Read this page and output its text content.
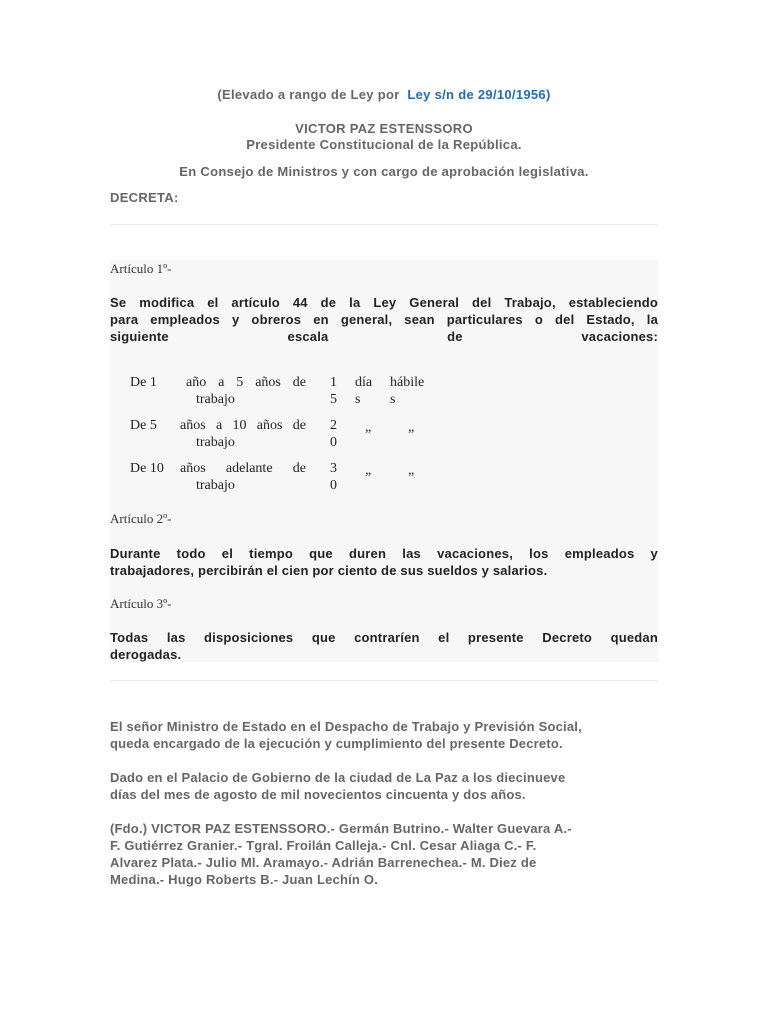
(Elevado a rango de Ley por Ley s/n de 29/10/1956)
VICTOR PAZ ESTENSSORO
Presidente Constitucional de la República.
En Consejo de Ministros y con cargo de aprobación legislativa.
DECRETA:
Artículo 1º-
Se modifica el artículo 44 de la Ley General del Trabajo, estableciendo
para empleados y obreros en general, sean particulares o del Estado, la
siguiente escala de vacaciones:
De 1 año a 5 años de
trabajo
1
5
día
s
hábile
s
De 5 años a 10 años de
trabajo
2
0
„	„
De 10 años adelante de
trabajo
3
0
„	„
Artículo 2º-
Durante todo el tiempo que duren las vacaciones, los empleados y
trabajadores, percibirán el cien por ciento de sus sueldos y salarios.
Artículo 3º-
Todas las disposiciones que contraríen el presente Decreto quedan
derogadas.
El señor Ministro de Estado en el Despacho de Trabajo y Previsión Social,
queda encargado de la ejecución y cumplimiento del presente Decreto.
Dado en el Palacio de Gobierno de la ciudad de La Paz a los diecinueve
días del mes de agosto de mil novecientos cincuenta y dos años.
(Fdo.) VICTOR PAZ ESTENSSORO.- Germán Butrino.- Walter Guevara A.-
F. Gutiérrez Granier.- Tgral. Froilán Calleja.- Cnl. Cesar Aliaga C.- F.
Alvarez Plata.- Julio Ml. Aramayo.- Adrián Barrenechea.- M. Diez de
Medina.- Hugo Roberts B.- Juan Lechín O.
